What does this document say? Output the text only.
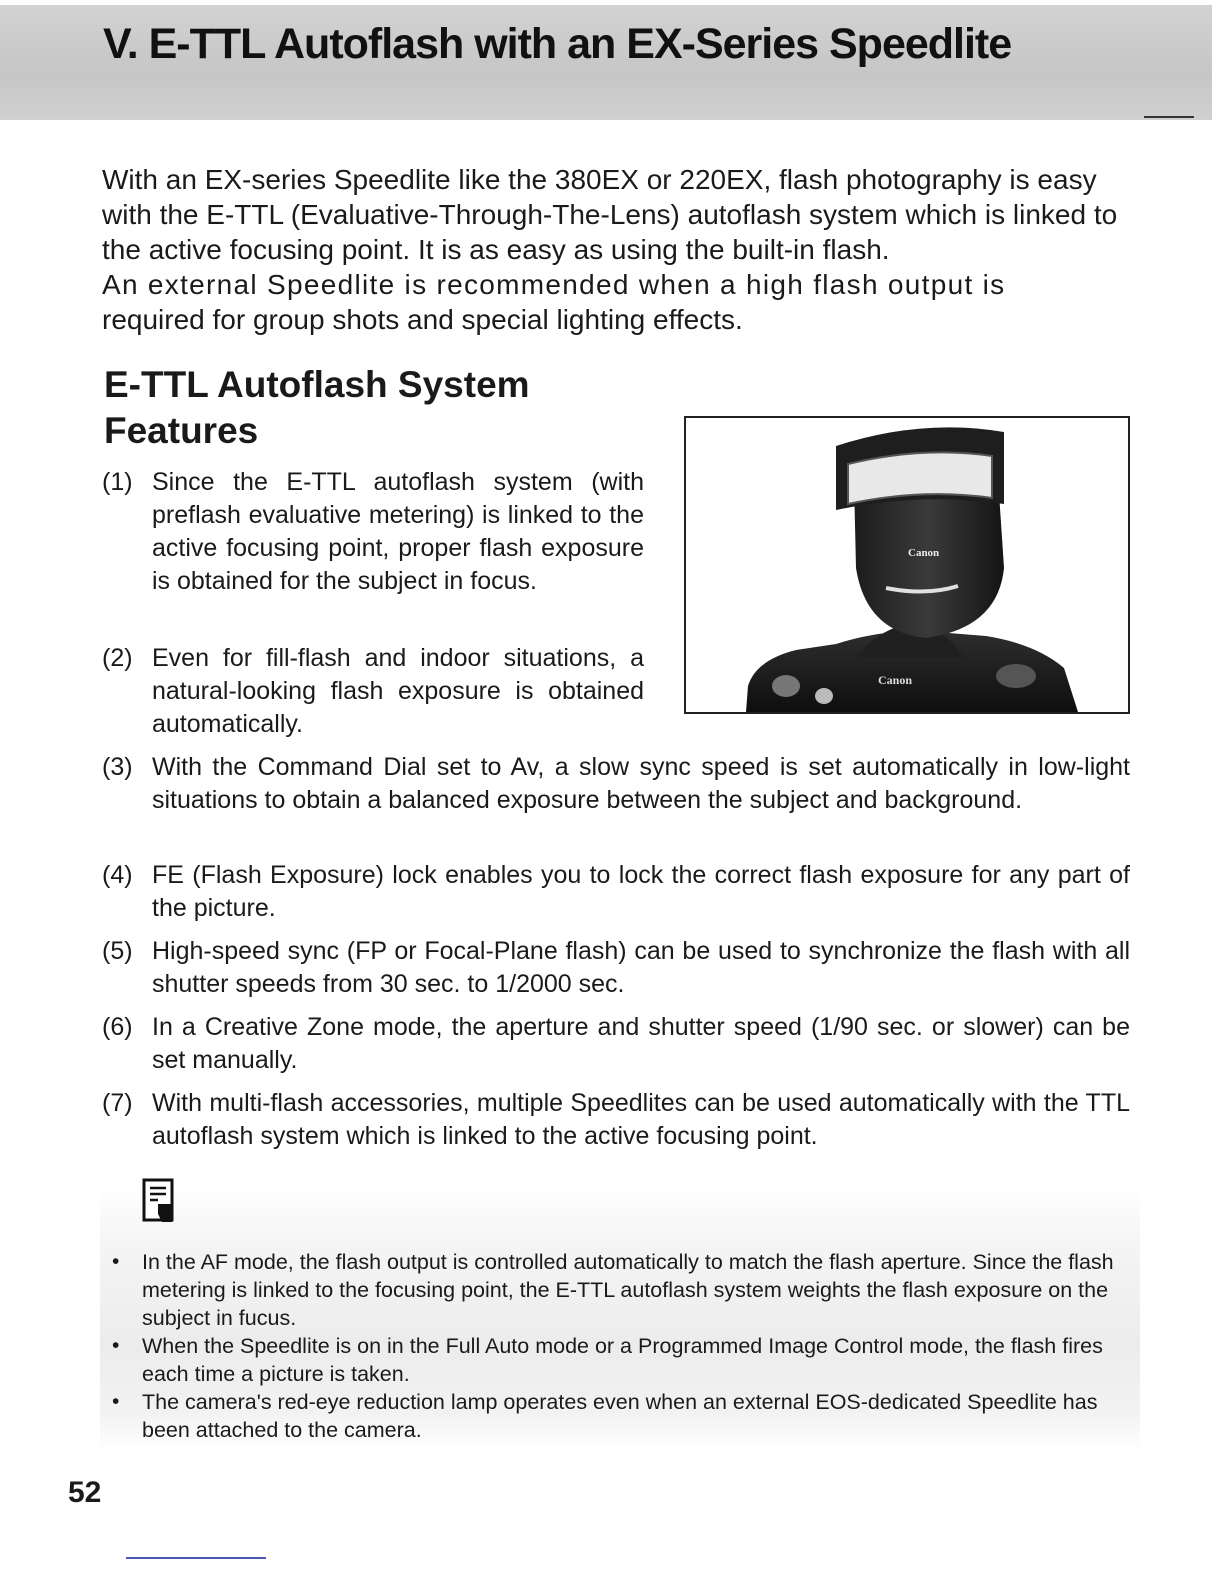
V. E-TTL Autoflash with an EX-Series Speedlite

With an EX-series Speedlite like the 380EX or 220EX, flash photography is easy with the E-TTL (Evaluative-Through-The-Lens) autoflash system which is linked to the active focusing point. It is as easy as using the built-in flash.
An external Speedlite is recommended when a high flash output is
required for group shots and special lighting effects.

E-TTL Autoflash System
Features
Canon
Canon
(1) Since the E-TTL autoflash system (with preflash evaluative metering) is linked to the active focusing point, proper flash exposure is obtained for the subject in focus.
(2) Even for fill-flash and indoor situations, a natural-looking flash exposure is obtained automatically.
(3) With the Command Dial set to Av, a slow sync speed is set automatically in low-light situations to obtain a balanced exposure between the subject and background.
(4) FE (Flash Exposure) lock enables you to lock the correct flash exposure for any part of the picture.
(5) High-speed sync (FP or Focal-Plane flash) can be used to synchronize the flash with all shutter speeds from 30 sec. to 1/2000 sec.
(6) In a Creative Zone mode, the aperture and shutter speed (1/90 sec. or slower) can be set manually.
(7) With multi-flash accessories, multiple Speedlites can be used automatically with the TTL autoflash system which is linked to the active focusing point.
• In the AF mode, the flash output is controlled automatically to match the flash aperture. Since the flash metering is linked to the focusing point, the E-TTL autoflash system weights the flash exposure on the subject in fucus.
• When the Speedlite is on in the Full Auto mode or a Programmed Image Control mode, the flash fires each time a picture is taken.
• The camera's red-eye reduction lamp operates even when an external EOS-dedicated Speedlite has been attached to the camera.

52
